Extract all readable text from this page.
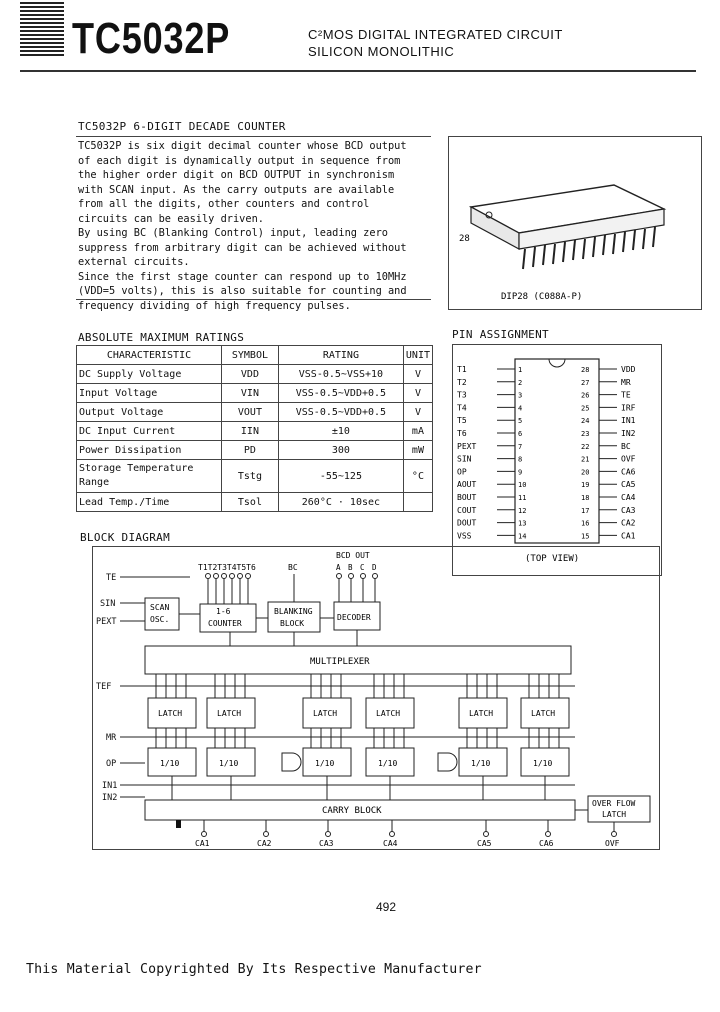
TC5032P	C²MOS DIGITAL INTEGRATED CIRCUIT
SILICON MONOLITHIC
TC5032P 6-DIGIT DECADE COUNTER

TC5032P is six digit decimal counter whose BCD output

of each digit is dynamically output in sequence from

the higher order digit on BCD OUTPUT in synchronism

with SCAN input. As the carry outputs are available

from all the digits, other counters and control

circuits can be easily driven.

By using BC (Blanking Control) input, leading zero

suppress from arbitrary digit can be achieved without

external circuits.

Since the first stage counter can respond up to 10MHz

(VDD=5 volts), this is also suitable for counting and

frequency dividing of high frequency pulses.

28
DIP28 (C088A-P)
ABSOLUTE MAXIMUM RATINGS
CHARACTERISTIC	SYMBOL	RATING	UNIT
DC Supply Voltage	VDD	VSS-0.5~VSS+10	V
Input Voltage	VIN	VSS-0.5~VDD+0.5	V
Output Voltage	VOUT	VSS-0.5~VDD+0.5	V
DC Input Current	IIN	±10	mA
Power Dissipation	PD	300	mW
Storage Temperature Range	Tstg	-55~125	°C
Lead Temp./Time	Tsol	260°C · 10sec	
PIN ASSIGNMENT
T1	1
T2	2
T3	3
T4	4
T5	5
T6	6
PEXT	7
SIN	8
OP	9
AOUT	10
BOUT	11
COUT	12
DOUT	13
VSS	14
28	VDD
27	MR
26	TE
25	IRF
24	IN1
23	IN2
22	BC
21	OVF
20	CA6
19	CA5
18	CA4
17	CA3
16	CA2
15	CA1
(TOP VIEW)
BLOCK DIAGRAM
TE
SIN
PEXT
TEF
MR
OP
IN1
IN2
T1T2T3T4T5T6	BC
BCD OUT
A B C D
SCAN
OSC.
1-6
COUNTER
BLANKING
BLOCK
DECODER
MULTIPLEXER
LATCH
1/10
LATCH
1/10
LATCH
1/10
LATCH
1/10
LATCH
1/10
LATCH
1/10
CARRY BLOCK
OVER FLOW
LATCH
CA1	CA2	CA3	CA4	CA5	CA6	OVF
492
This Material Copyrighted By Its Respective Manufacturer
